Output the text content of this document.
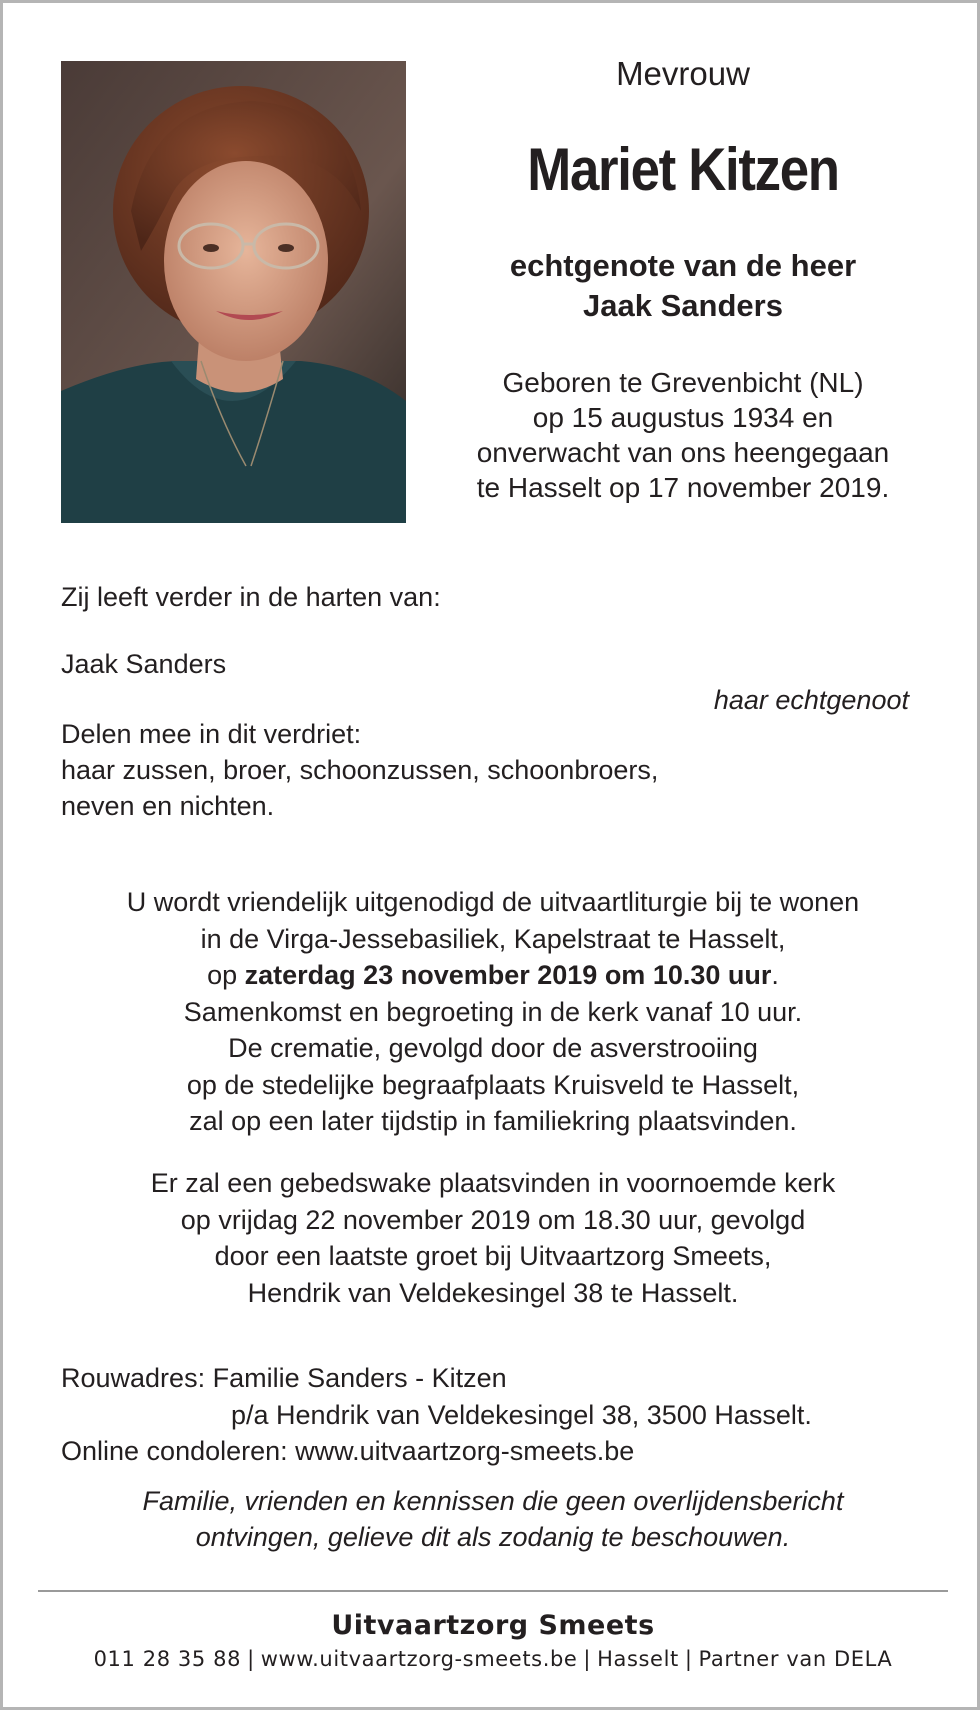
Mevrouw
Mariet Kitzen
echtgenote van de heer
Jaak Sanders
Geboren te Grevenbicht (NL)
op 15 augustus 1934 en
onverwacht van ons heengegaan
te Hasselt op 17 november 2019.
Zij leeft verder in de harten van:
Jaak Sanders
haar echtgenoot
Delen mee in dit verdriet:
haar zussen, broer, schoonzussen, schoonbroers,
neven en nichten.
U wordt vriendelijk uitgenodigd de uitvaartliturgie bij te wonen
in de Virga-Jessebasiliek, Kapelstraat te Hasselt,
op zaterdag 23 november 2019 om 10.30 uur.
Samenkomst en begroeting in de kerk vanaf 10 uur.
De crematie, gevolgd door de asverstrooiing
op de stedelijke begraafplaats Kruisveld te Hasselt,
zal op een later tijdstip in familiekring plaatsvinden.
Er zal een gebedswake plaatsvinden in voornoemde kerk
op vrijdag 22 november 2019 om 18.30 uur, gevolgd
door een laatste groet bij Uitvaartzorg Smeets,
Hendrik van Veldekesingel 38 te Hasselt.
Rouwadres: Familie Sanders - Kitzen
p/a Hendrik van Veldekesingel 38, 3500 Hasselt.
Online condoleren: www.uitvaartzorg-smeets.be
Familie, vrienden en kennissen die geen overlijdensbericht
ontvingen, gelieve dit als zodanig te beschouwen.
Uitvaartzorg Smeets
011 28 35 88 | www.uitvaartzorg-smeets.be | Hasselt | Partner van DELA
